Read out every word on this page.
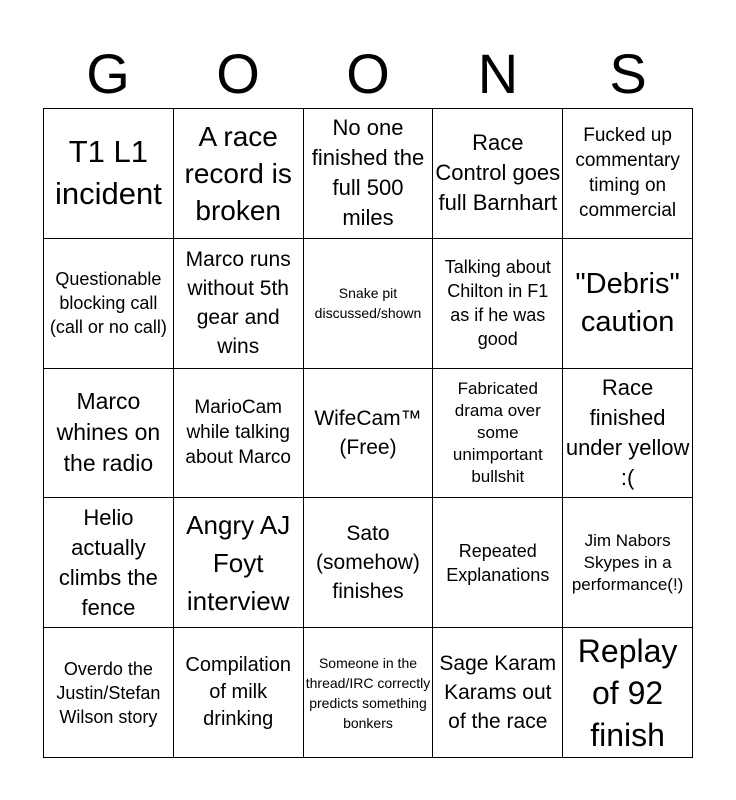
G	O	O	N	S
T1 L1 incident
A race record is broken
No one finished the full 500 miles
Race Control goes full Barnhart
Fucked up commentary timing on commercial
Questionable blocking call (call or no call)
Marco runs without 5th gear and wins
Snake pit discussed/shown
Talking about Chilton in F1 as if he was good
"Debris" caution
Marco whines on the radio
MarioCam while talking about Marco
WifeCam™ (Free)
Fabricated drama over some unimportant bullshit
Race finished under yellow :(
Helio actually climbs the fence
Angry AJ Foyt interview
Sato (somehow) finishes
Repeated Explanations
Jim Nabors Skypes in a performance(!)
Overdo the Justin/Stefan Wilson story
Compilation of milk drinking
Someone in the thread/IRC correctly predicts something bonkers
Sage Karam Karams out of the race
Replay of 92 finish
